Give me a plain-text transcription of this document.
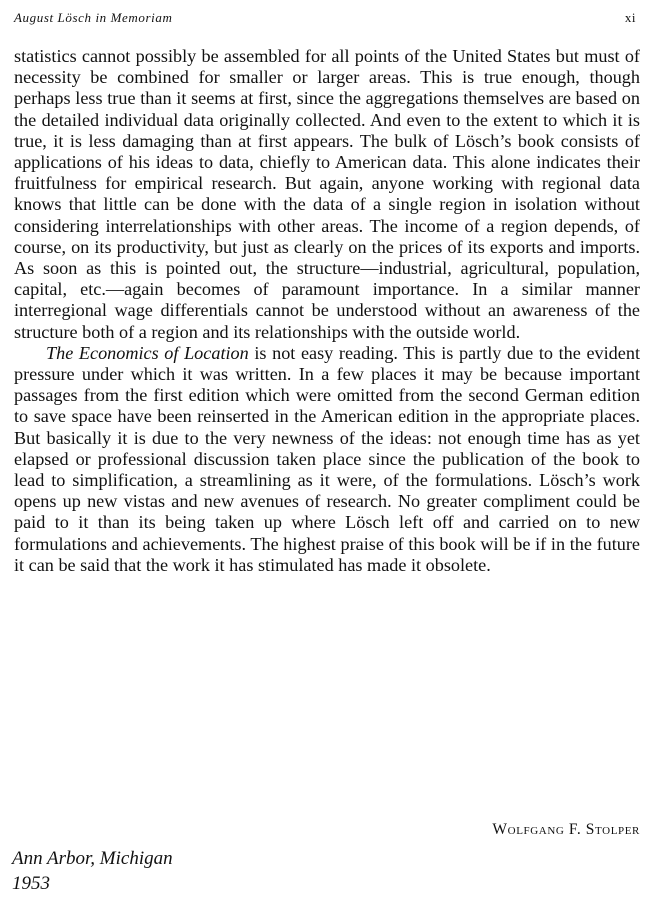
August Lösch in Memoriam	xi

statistics cannot possibly be assembled for all points of the United States but must of necessity be combined for smaller or larger areas. This is true enough, though perhaps less true than it seems at first, since the aggregations themselves are based on the detailed individual data originally collected. And even to the extent to which it is true, it is less damaging than at first appears. The bulk of Lösch’s book consists of applications of his ideas to data, chiefly to American data. This alone indicates their fruitfulness for empirical research. But again, anyone working with regional data knows that little can be done with the data of a single region in isolation without considering interrelationships with other areas. The income of a region depends, of course, on its productivity, but just as clearly on the prices of its exports and imports. As soon as this is pointed out, the structure—industrial, agricultural, population, capital, etc.—again becomes of paramount importance. In a similar manner interregional wage differentials cannot be understood without an awareness of the structure both of a region and its relationships with the outside world.

The Economics of Location is not easy reading. This is partly due to the evident pressure under which it was written. In a few places it may be because important passages from the first edition which were omitted from the second German edition to save space have been reinserted in the American edition in the appropriate places. But basically it is due to the very newness of the ideas: not enough time has as yet elapsed or professional discussion taken place since the publication of the book to lead to simplification, a streamlining as it were, of the formulations. Lösch’s work opens up new vistas and new avenues of research. No greater compliment could be paid to it than its being taken up where Lösch left off and carried on to new formulations and achievements. The highest praise of this book will be if in the future it can be said that the work it has stimulated has made it obsolete.

Wolfgang F. Stolper
Ann Arbor, Michigan
1953
